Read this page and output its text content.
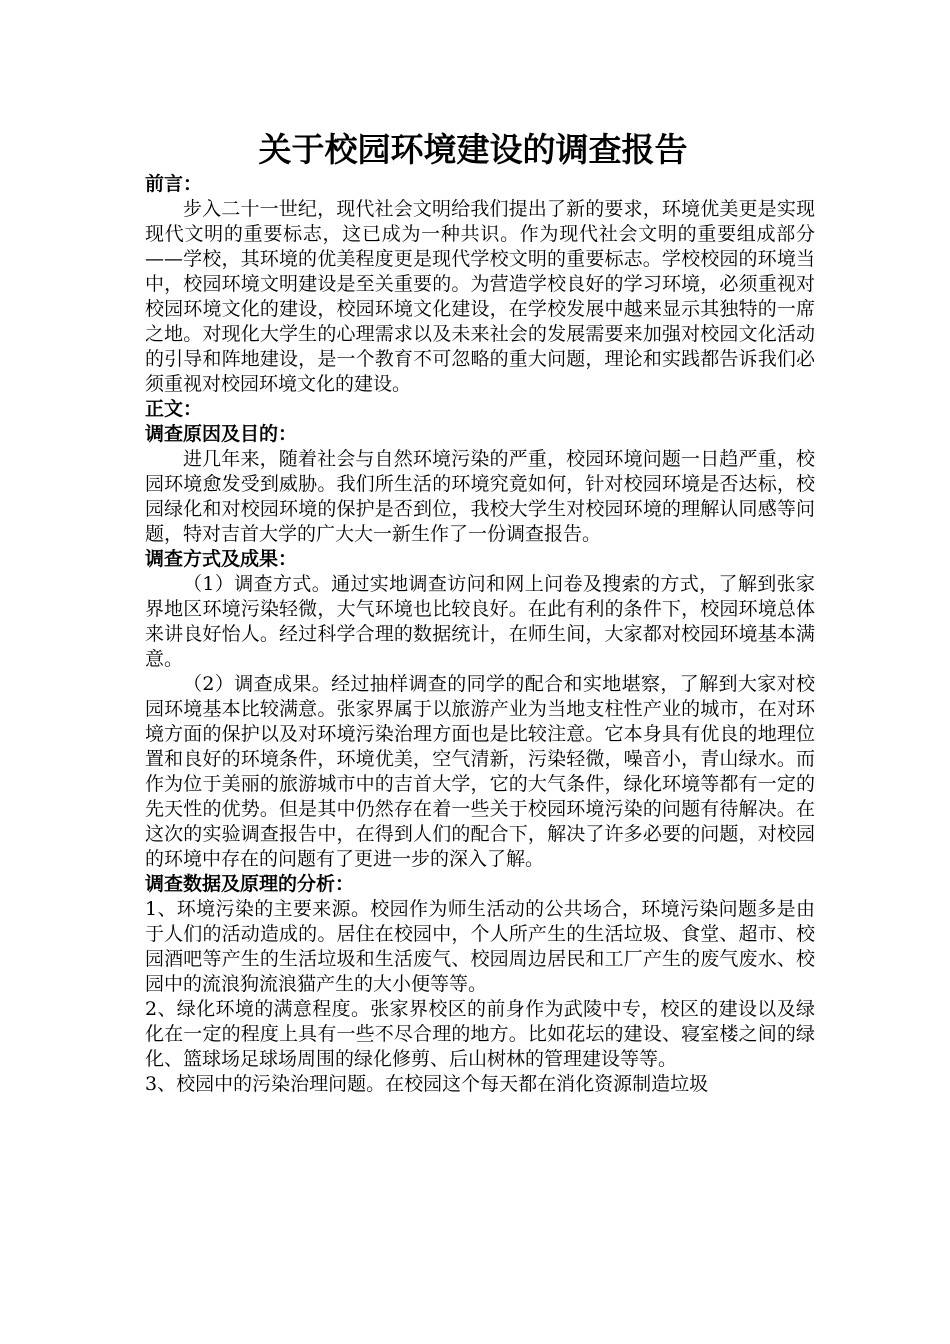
关于校园环境建设的调查报告

前言：

步入二十一世纪，现代社会文明给我们提出了新的要求，环境优美更是实现现代文明的重要标志，这已成为一种共识。作为现代社会文明的重要组成部分——学校，其环境的优美程度更是现代学校文明的重要标志。学校校园的环境当中，校园环境文明建设是至关重要的。为营造学校良好的学习环境，必须重视对校园环境文化的建设，校园环境文化建设，在学校发展中越来显示其独特的一席之地。对现化大学生的心理需求以及未来社会的发展需要来加强对校园文化活动的引导和阵地建设，是一个教育不可忽略的重大问题，理论和实践都告诉我们必须重视对校园环境文化的建设。

正文：

调查原因及目的：

进几年来，随着社会与自然环境污染的严重，校园环境问题一日趋严重，校园环境愈发受到威胁。我们所生活的环境究竟如何，针对校园环境是否达标，校园绿化和对校园环境的保护是否到位，我校大学生对校园环境的理解认同感等问题，特对吉首大学的广大大一新生作了一份调查报告。

调查方式及成果：

（1）调查方式。通过实地调查访问和网上问卷及搜索的方式，了解到张家界地区环境污染轻微，大气环境也比较良好。在此有利的条件下，校园环境总体来讲良好怡人。经过科学合理的数据统计，在师生间，大家都对校园环境基本满意。

（2）调查成果。经过抽样调查的同学的配合和实地堪察，了解到大家对校园环境基本比较满意。张家界属于以旅游产业为当地支柱性产业的城市，在对环境方面的保护以及对环境污染治理方面也是比较注意。它本身具有优良的地理位置和良好的环境条件，环境优美，空气清新，污染轻微，噪音小，青山绿水。而作为位于美丽的旅游城市中的吉首大学，它的大气条件，绿化环境等都有一定的先天性的优势。但是其中仍然存在着一些关于校园环境污染的问题有待解决。在这次的实验调查报告中，在得到人们的配合下，解决了许多必要的问题，对校园的环境中存在的问题有了更进一步的深入了解。

调查数据及原理的分析：

1、环境污染的主要来源。校园作为师生活动的公共场合，环境污染问题多是由于人们的活动造成的。居住在校园中，个人所产生的生活垃圾、食堂、超市、校园酒吧等产生的生活垃圾和生活废气、校园周边居民和工厂产生的废气废水、校园中的流浪狗流浪猫产生的大小便等等。

2、绿化环境的满意程度。张家界校区的前身作为武陵中专，校区的建设以及绿化在一定的程度上具有一些不尽合理的地方。比如花坛的建设、寝室楼之间的绿化、篮球场足球场周围的绿化修剪、后山树林的管理建设等等。

3、校园中的污染治理问题。在校园这个每天都在消化资源制造垃圾
